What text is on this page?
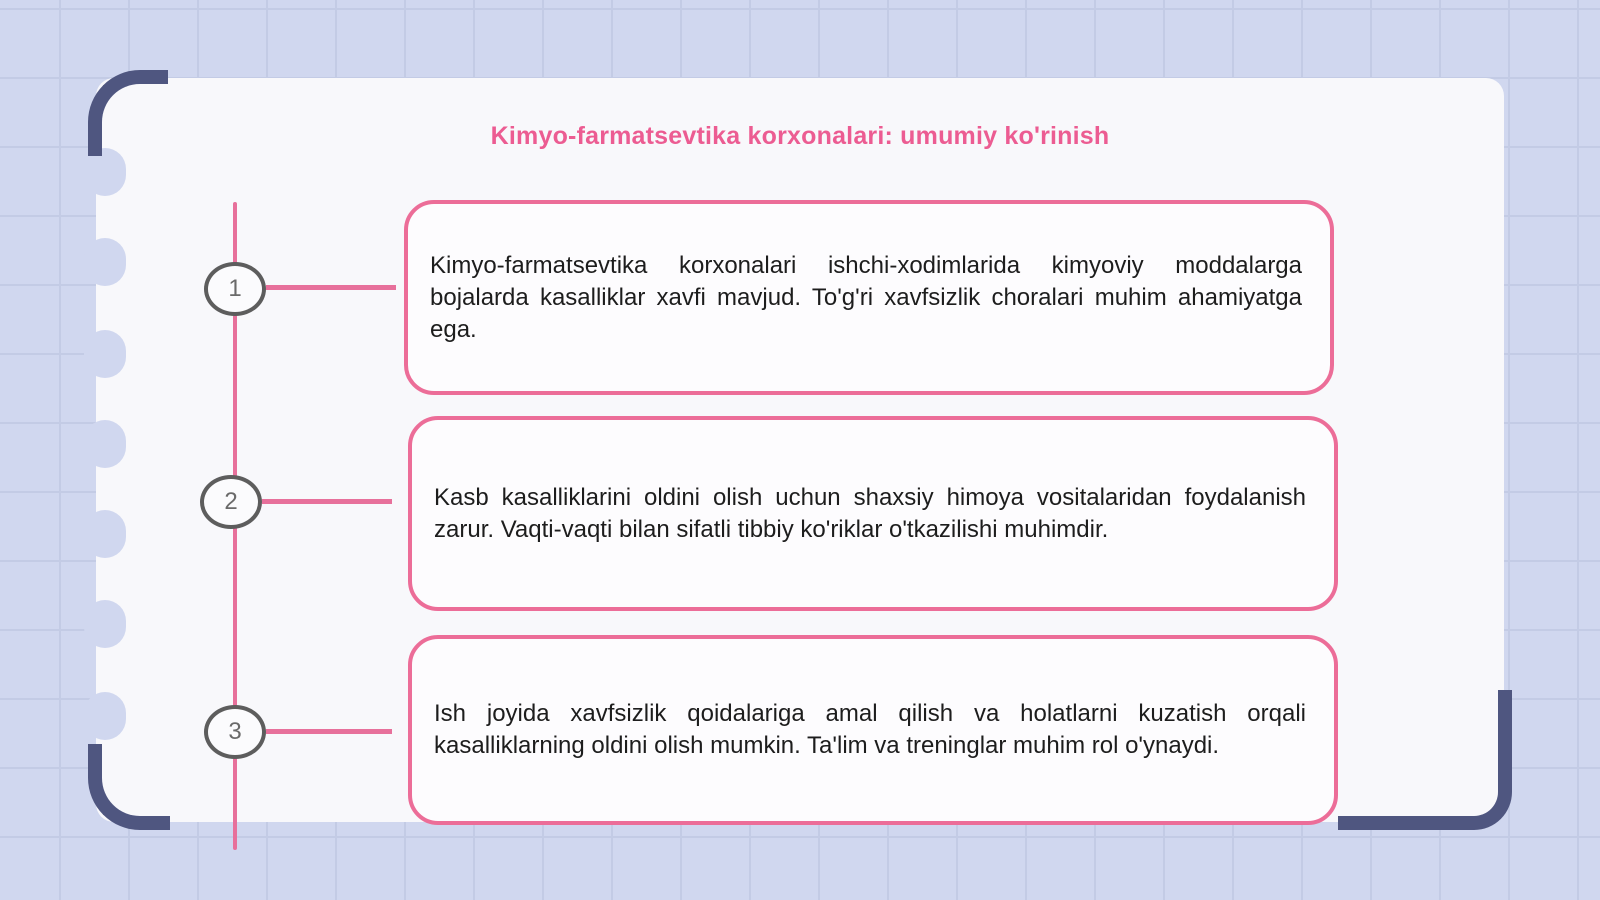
Kimyo-farmatsevtika korxonalari: umumiy ko'rinish
1
Kimyo-farmatsevtika korxonalari ishchi-xodimlarida kimyoviy moddalarga bojalarda kasalliklar xavfi mavjud. To'g'ri xavfsizlik choralari muhim ahamiyatga ega.
2	Kasb kasalliklarini oldini olish uchun shaxsiy himoya vositalaridan foydalanish zarur. Vaqti-vaqti bilan sifatli tibbiy ko'riklar o'tkazilishi muhimdir.
3
Ish joyida xavfsizlik qoidalariga amal qilish va holatlarni kuzatish orqali kasalliklarning oldini olish mumkin. Ta'lim va treninglar muhim rol o'ynaydi.
